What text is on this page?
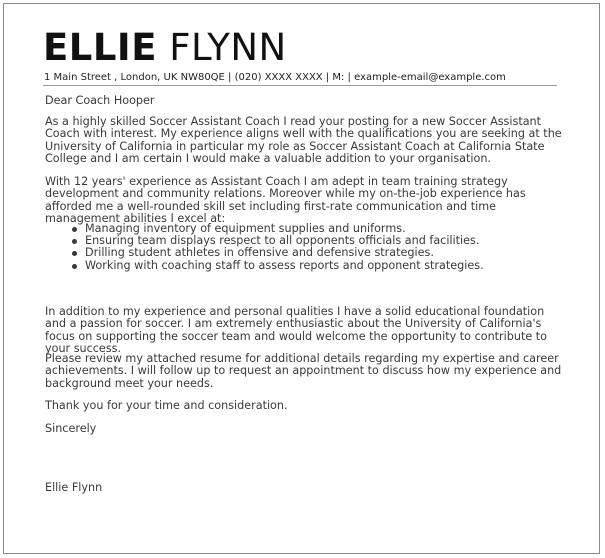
ELLIE FLYNN
1 Main Street , London, UK NW80QE | (020) XXXX XXXX | M: | example-email@example.com

Dear Coach Hooper

As a highly skilled Soccer Assistant Coach I read your posting for a new Soccer Assistant Coach with interest. My experience aligns well with the qualifications you are seeking at the University of California in particular my role as Soccer Assistant Coach at California State College and I am certain I would make a valuable addition to your organisation.

With 12 years' experience as Assistant Coach I am adept in team training strategy development and community relations. Moreover while my on-the-job experience has afforded me a well-rounded skill set including first-rate communication and time management abilities I excel at:

Managing inventory of equipment supplies and uniforms.
Ensuring team displays respect to all opponents officials and facilities.
Drilling student athletes in offensive and defensive strategies.
Working with coaching staff to assess reports and opponent strategies.

In addition to my experience and personal qualities I have a solid educational foundation and a passion for soccer. I am extremely enthusiastic about the University of California's focus on supporting the soccer team and would welcome the opportunity to contribute to your success.

Please review my attached resume for additional details regarding my expertise and career achievements. I will follow up to request an appointment to discuss how my experience and background meet your needs.

Thank you for your time and consideration.

Sincerely

Ellie Flynn
